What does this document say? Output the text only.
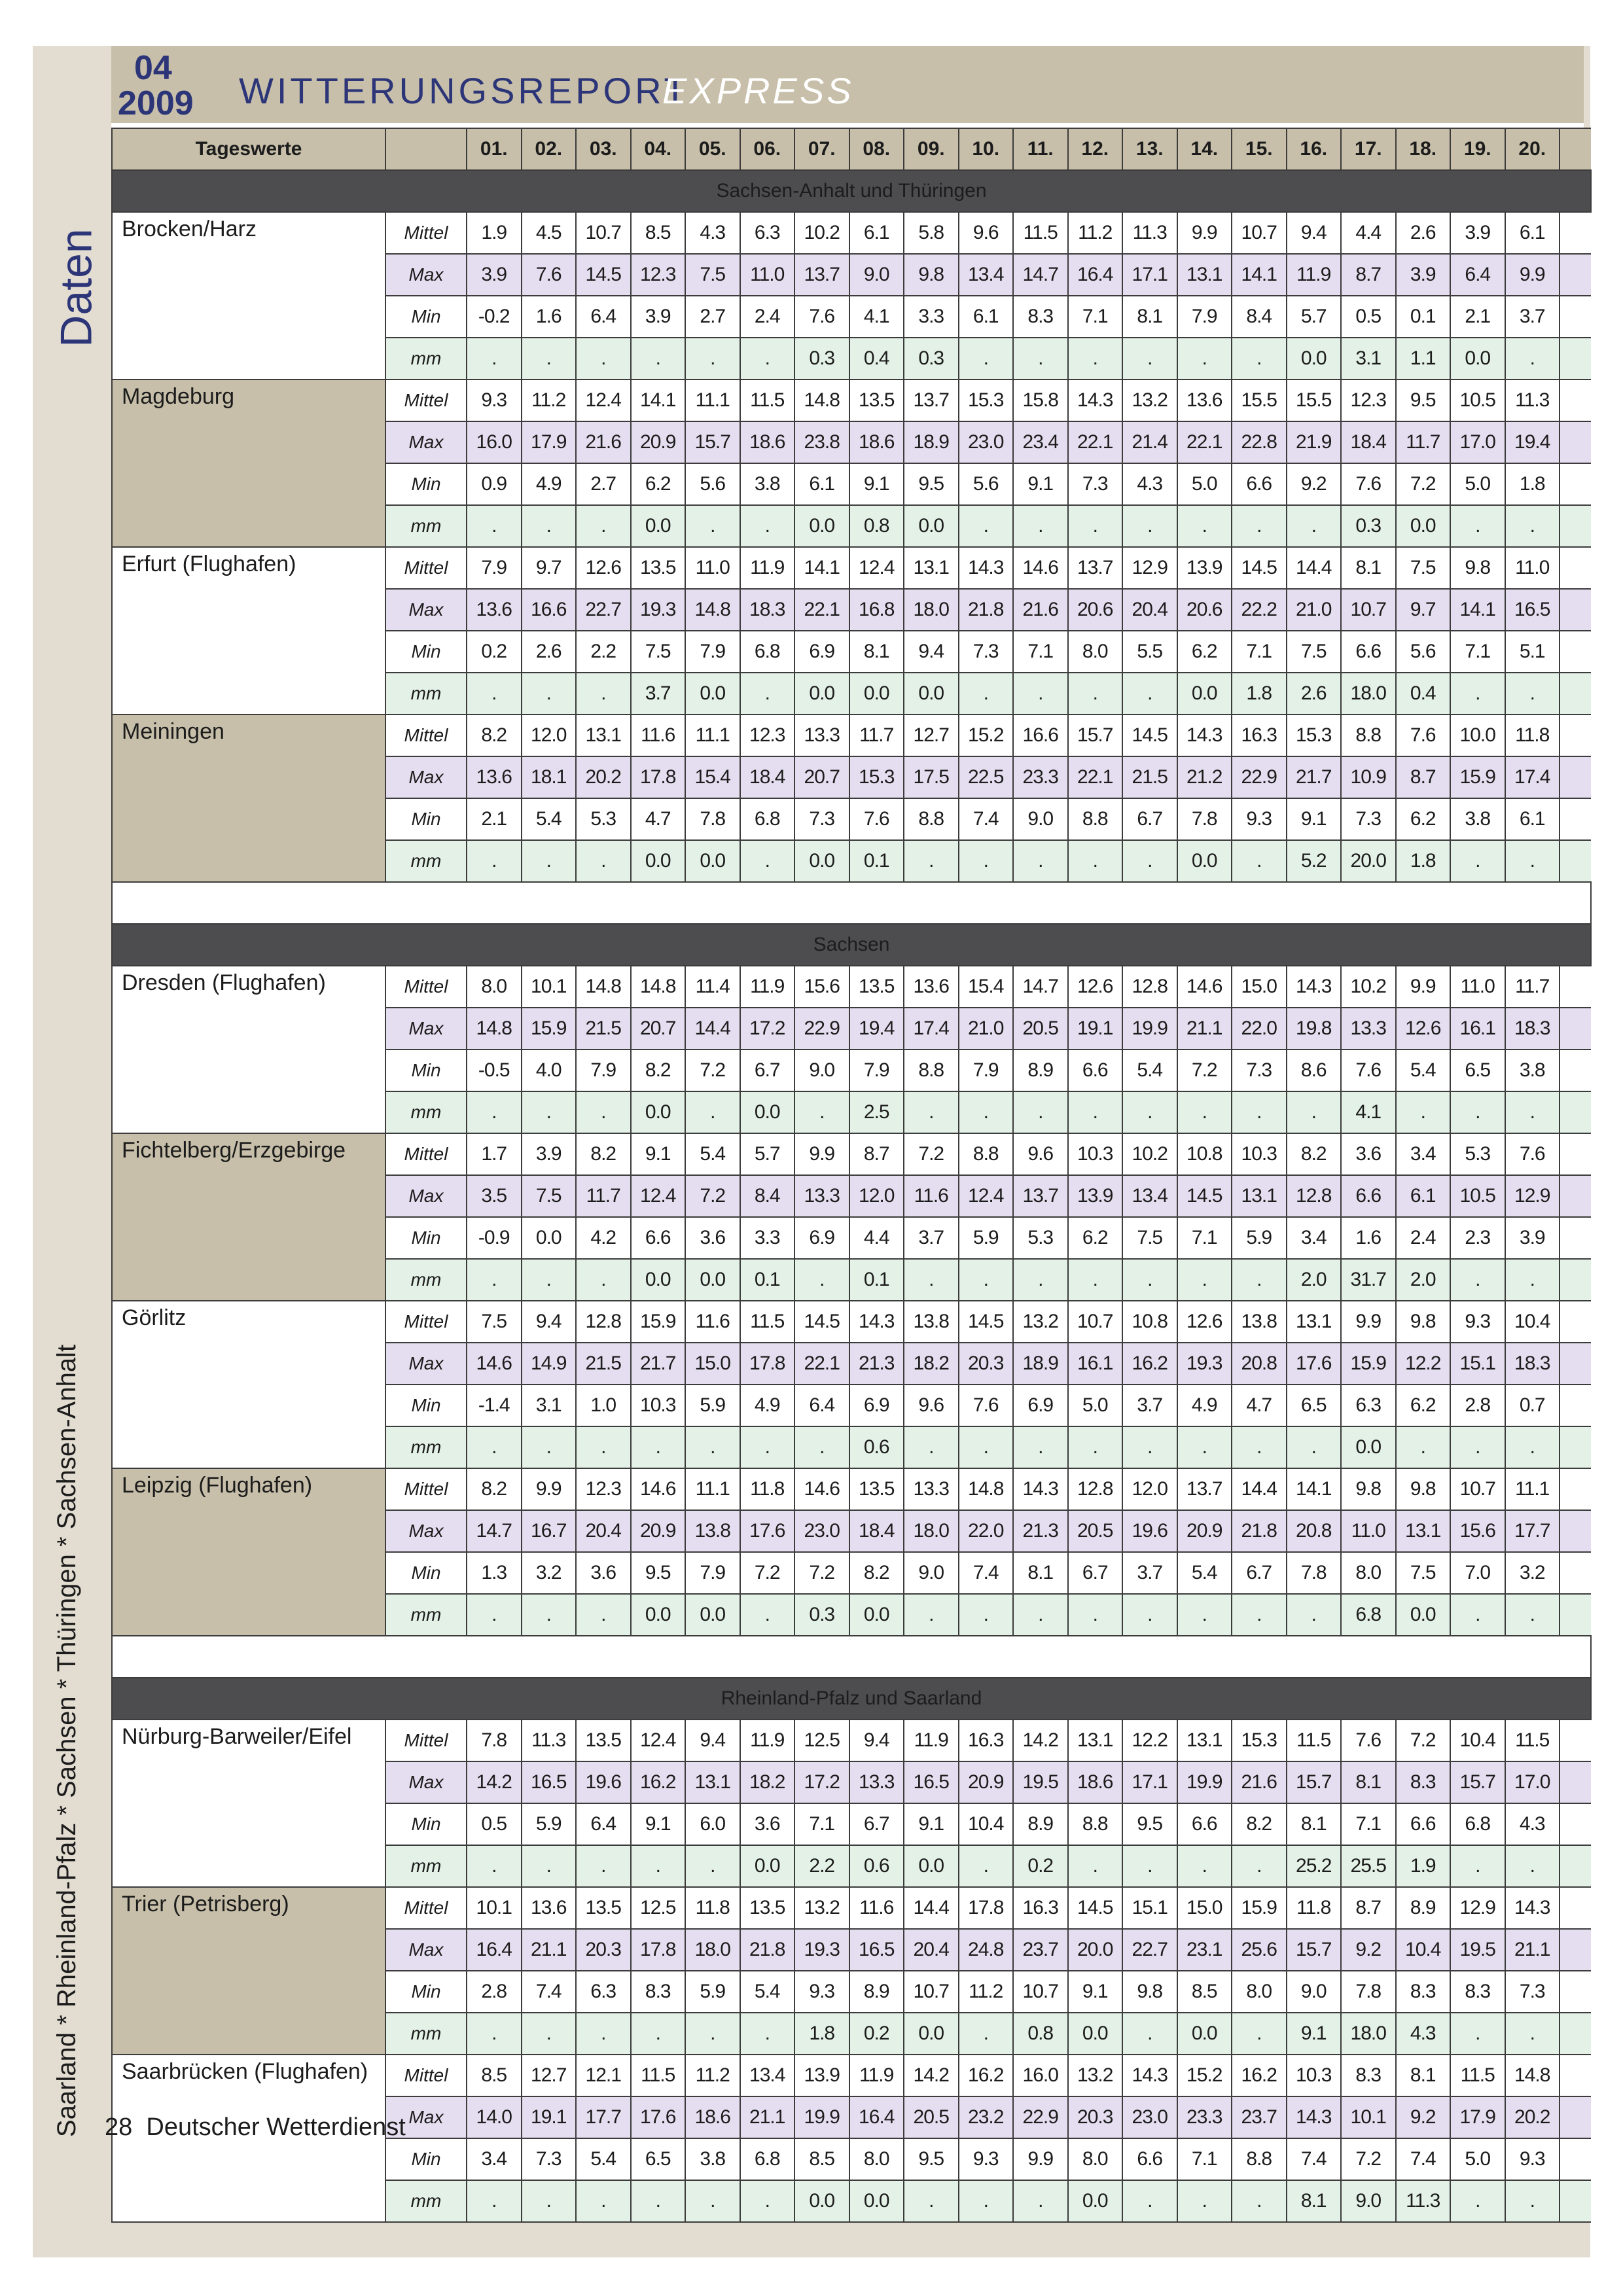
04
2009 WITTERUNGSREPORT
EXPRESS
Daten
Saarland * Rheinland-Pfalz * Sachsen * Thüringen * Sachsen-Anhalt
Tageswerte		01.	02.	03.	04.	05.	06.	07.	08.	09.	10.	11.	12.	13.	14.	15.	16.	17.	18.	19.	20.	
Sachsen-Anhalt und Thüringen																						
Brocken/Harz	Mittel	1.9	4.5	10.7	8.5	4.3	6.3	10.2	6.1	5.8	9.6	11.5	11.2	11.3	9.9	10.7	9.4	4.4	2.6	3.9	6.1	
	Max	3.9	7.6	14.5	12.3	7.5	11.0	13.7	9.0	9.8	13.4	14.7	16.4	17.1	13.1	14.1	11.9	8.7	3.9	6.4	9.9	
	Min	-0.2	1.6	6.4	3.9	2.7	2.4	7.6	4.1	3.3	6.1	8.3	7.1	8.1	7.9	8.4	5.7	0.5	0.1	2.1	3.7	
	mm	.	.	.	.	.	.	0.3	0.4	0.3	.	.	.	.	.	.	0.0	3.1	1.1	0.0	.	
Magdeburg	Mittel	9.3	11.2	12.4	14.1	11.1	11.5	14.8	13.5	13.7	15.3	15.8	14.3	13.2	13.6	15.5	15.5	12.3	9.5	10.5	11.3	
	Max	16.0	17.9	21.6	20.9	15.7	18.6	23.8	18.6	18.9	23.0	23.4	22.1	21.4	22.1	22.8	21.9	18.4	11.7	17.0	19.4	
	Min	0.9	4.9	2.7	6.2	5.6	3.8	6.1	9.1	9.5	5.6	9.1	7.3	4.3	5.0	6.6	9.2	7.6	7.2	5.0	1.8	
	mm	.	.	.	0.0	.	.	0.0	0.8	0.0	.	.	.	.	.	.	.	0.3	0.0	.	.	
Erfurt (Flughafen)	Mittel	7.9	9.7	12.6	13.5	11.0	11.9	14.1	12.4	13.1	14.3	14.6	13.7	12.9	13.9	14.5	14.4	8.1	7.5	9.8	11.0	
	Max	13.6	16.6	22.7	19.3	14.8	18.3	22.1	16.8	18.0	21.8	21.6	20.6	20.4	20.6	22.2	21.0	10.7	9.7	14.1	16.5	
	Min	0.2	2.6	2.2	7.5	7.9	6.8	6.9	8.1	9.4	7.3	7.1	8.0	5.5	6.2	7.1	7.5	6.6	5.6	7.1	5.1	
	mm	.	.	.	3.7	0.0	.	0.0	0.0	0.0	.	.	.	.	0.0	1.8	2.6	18.0	0.4	.	.	
Meiningen	Mittel	8.2	12.0	13.1	11.6	11.1	12.3	13.3	11.7	12.7	15.2	16.6	15.7	14.5	14.3	16.3	15.3	8.8	7.6	10.0	11.8	
	Max	13.6	18.1	20.2	17.8	15.4	18.4	20.7	15.3	17.5	22.5	23.3	22.1	21.5	21.2	22.9	21.7	10.9	8.7	15.9	17.4	
	Min	2.1	5.4	5.3	4.7	7.8	6.8	7.3	7.6	8.8	7.4	9.0	8.8	6.7	7.8	9.3	9.1	7.3	6.2	3.8	6.1	
	mm	.	.	.	0.0	0.0	.	0.0	0.1	.	.	.	.	.	0.0	.	5.2	20.0	1.8	.	.	

Sachsen																						
Dresden (Flughafen)	Mittel	8.0	10.1	14.8	14.8	11.4	11.9	15.6	13.5	13.6	15.4	14.7	12.6	12.8	14.6	15.0	14.3	10.2	9.9	11.0	11.7	
	Max	14.8	15.9	21.5	20.7	14.4	17.2	22.9	19.4	17.4	21.0	20.5	19.1	19.9	21.1	22.0	19.8	13.3	12.6	16.1	18.3	
	Min	-0.5	4.0	7.9	8.2	7.2	6.7	9.0	7.9	8.8	7.9	8.9	6.6	5.4	7.2	7.3	8.6	7.6	5.4	6.5	3.8	
	mm	.	.	.	0.0	.	0.0	.	2.5	.	.	.	.	.	.	.	.	4.1	.	.	.	
Fichtelberg/Erzgebirge	Mittel	1.7	3.9	8.2	9.1	5.4	5.7	9.9	8.7	7.2	8.8	9.6	10.3	10.2	10.8	10.3	8.2	3.6	3.4	5.3	7.6	
	Max	3.5	7.5	11.7	12.4	7.2	8.4	13.3	12.0	11.6	12.4	13.7	13.9	13.4	14.5	13.1	12.8	6.6	6.1	10.5	12.9	
	Min	-0.9	0.0	4.2	6.6	3.6	3.3	6.9	4.4	3.7	5.9	5.3	6.2	7.5	7.1	5.9	3.4	1.6	2.4	2.3	3.9	
	mm	.	.	.	0.0	0.0	0.1	.	0.1	.	.	.	.	.	.	.	2.0	31.7	2.0	.	.	
Görlitz	Mittel	7.5	9.4	12.8	15.9	11.6	11.5	14.5	14.3	13.8	14.5	13.2	10.7	10.8	12.6	13.8	13.1	9.9	9.8	9.3	10.4	
	Max	14.6	14.9	21.5	21.7	15.0	17.8	22.1	21.3	18.2	20.3	18.9	16.1	16.2	19.3	20.8	17.6	15.9	12.2	15.1	18.3	
	Min	-1.4	3.1	1.0	10.3	5.9	4.9	6.4	6.9	9.6	7.6	6.9	5.0	3.7	4.9	4.7	6.5	6.3	6.2	2.8	0.7	
	mm	.	.	.	.	.	.	.	0.6	.	.	.	.	.	.	.	.	0.0	.	.	.	
Leipzig (Flughafen)	Mittel	8.2	9.9	12.3	14.6	11.1	11.8	14.6	13.5	13.3	14.8	14.3	12.8	12.0	13.7	14.4	14.1	9.8	9.8	10.7	11.1	
	Max	14.7	16.7	20.4	20.9	13.8	17.6	23.0	18.4	18.0	22.0	21.3	20.5	19.6	20.9	21.8	20.8	11.0	13.1	15.6	17.7	
	Min	1.3	3.2	3.6	9.5	7.9	7.2	7.2	8.2	9.0	7.4	8.1	6.7	3.7	5.4	6.7	7.8	8.0	7.5	7.0	3.2	
	mm	.	.	.	0.0	0.0	.	0.3	0.0	.	.	.	.	.	.	.	.	6.8	0.0	.	.	

Rheinland-Pfalz und Saarland																						
Nürburg-Barweiler/Eifel	Mittel	7.8	11.3	13.5	12.4	9.4	11.9	12.5	9.4	11.9	16.3	14.2	13.1	12.2	13.1	15.3	11.5	7.6	7.2	10.4	11.5	
	Max	14.2	16.5	19.6	16.2	13.1	18.2	17.2	13.3	16.5	20.9	19.5	18.6	17.1	19.9	21.6	15.7	8.1	8.3	15.7	17.0	
	Min	0.5	5.9	6.4	9.1	6.0	3.6	7.1	6.7	9.1	10.4	8.9	8.8	9.5	6.6	8.2	8.1	7.1	6.6	6.8	4.3	
	mm	.	.	.	.	.	0.0	2.2	0.6	0.0	.	0.2	.	.	.	.	25.2	25.5	1.9	.	.	
Trier (Petrisberg)	Mittel	10.1	13.6	13.5	12.5	11.8	13.5	13.2	11.6	14.4	17.8	16.3	14.5	15.1	15.0	15.9	11.8	8.7	8.9	12.9	14.3	
	Max	16.4	21.1	20.3	17.8	18.0	21.8	19.3	16.5	20.4	24.8	23.7	20.0	22.7	23.1	25.6	15.7	9.2	10.4	19.5	21.1	
	Min	2.8	7.4	6.3	8.3	5.9	5.4	9.3	8.9	10.7	11.2	10.7	9.1	9.8	8.5	8.0	9.0	7.8	8.3	8.3	7.3	
	mm	.	.	.	.	.	.	1.8	0.2	0.0	.	0.8	0.0	.	0.0	.	9.1	18.0	4.3	.	.	
Saarbrücken (Flughafen)	Mittel	8.5	12.7	12.1	11.5	11.2	13.4	13.9	11.9	14.2	16.2	16.0	13.2	14.3	15.2	16.2	10.3	8.3	8.1	11.5	14.8	
	Max	14.0	19.1	17.7	17.6	18.6	21.1	19.9	16.4	20.5	23.2	22.9	20.3	23.0	23.3	23.7	14.3	10.1	9.2	17.9	20.2	
	Min	3.4	7.3	5.4	6.5	3.8	6.8	8.5	8.0	9.5	9.3	9.9	8.0	6.6	7.1	8.8	7.4	7.2	7.4	5.0	9.3	
	mm	.	.	.	.	.	.	0.0	0.0	.	.	.	0.0	.	.	.	8.1	9.0	11.3	.	.	
28 Deutscher Wetterdienst
